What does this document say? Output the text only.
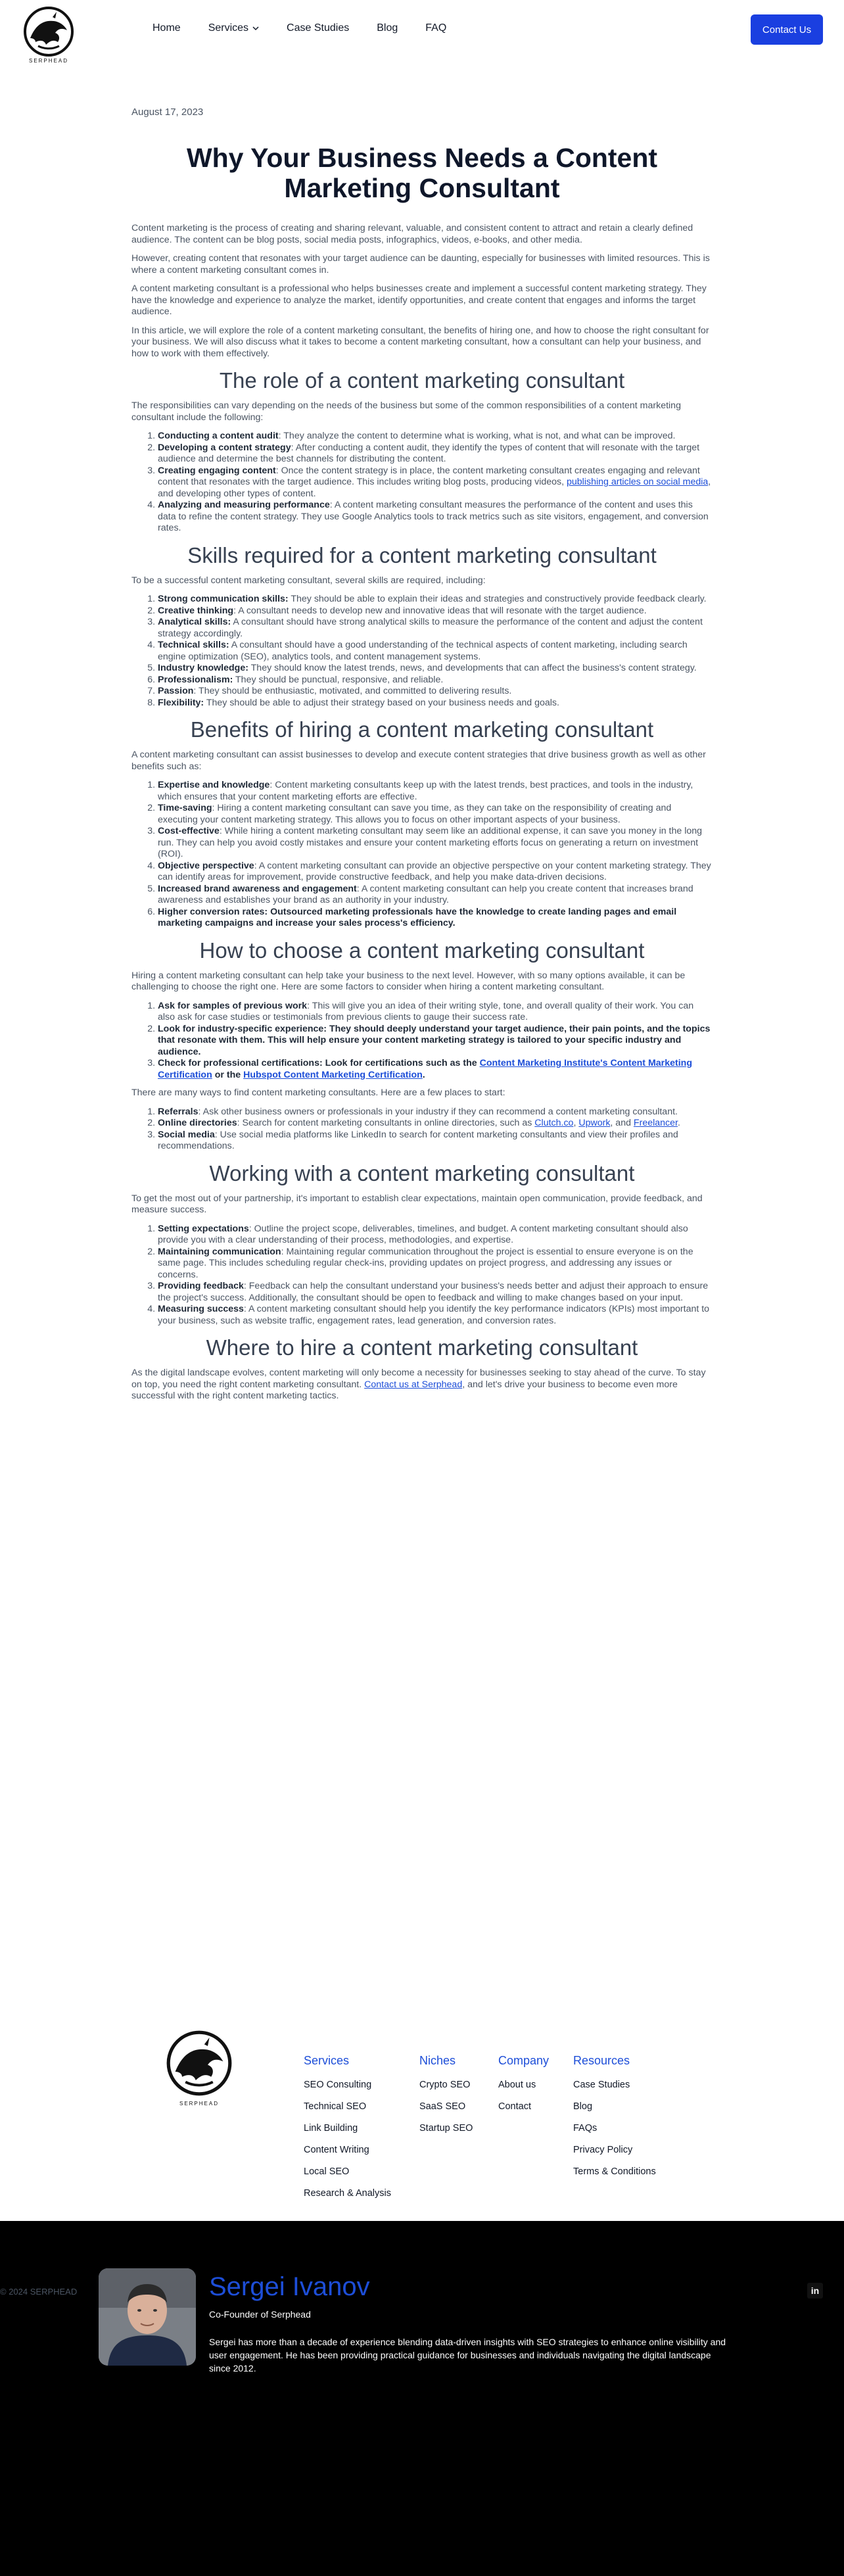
SERPHEAD
Home	Services	Case Studies	Blog	FAQ	Contact Us
August 17, 2023
Why Your Business Needs a Content Marketing Consultant

Content marketing is the process of creating and sharing relevant, valuable, and consistent content to attract and retain a clearly defined audience. The content can be blog posts, social media posts, infographics, videos, e-books, and other media.

However, creating content that resonates with your target audience can be daunting, especially for businesses with limited resources. This is where a content marketing consultant comes in.

A content marketing consultant is a professional who helps businesses create and implement a successful content marketing strategy. They have the knowledge and experience to analyze the market, identify opportunities, and create content that engages and informs the target audience.

In this article, we will explore the role of a content marketing consultant, the benefits of hiring one, and how to choose the right consultant for your business. We will also discuss what it takes to become a content marketing consultant, how a consultant can help your business, and how to work with them effectively.

The role of a content marketing consultant

The responsibilities can vary depending on the needs of the business but some of the common responsibilities of a content marketing consultant include the following:

1. Conducting a content audit: They analyze the content to determine what is working, what is not, and what can be improved.
2. Developing a content strategy: After conducting a content audit, they identify the types of content that will resonate with the target audience and determine the best channels for distributing the content.
3. Creating engaging content: Once the content strategy is in place, the content marketing consultant creates engaging and relevant content that resonates with the target audience. This includes writing blog posts, producing videos, publishing articles on social media, and developing other types of content.
4. Analyzing and measuring performance: A content marketing consultant measures the performance of the content and uses this data to refine the content strategy. They use Google Analytics tools to track metrics such as site visitors, engagement, and conversion rates.
Skills required for a content marketing consultant

To be a successful content marketing consultant, several skills are required, including:

1. Strong communication skills: They should be able to explain their ideas and strategies and constructively provide feedback clearly.
2. Creative thinking: A consultant needs to develop new and innovative ideas that will resonate with the target audience.
3. Analytical skills: A consultant should have strong analytical skills to measure the performance of the content and adjust the content strategy accordingly.
4. Technical skills: A consultant should have a good understanding of the technical aspects of content marketing, including search engine optimization (SEO), analytics tools, and content management systems.
5. Industry knowledge: They should know the latest trends, news, and developments that can affect the business's content strategy.
6. Professionalism: They should be punctual, responsive, and reliable.
7. Passion: They should be enthusiastic, motivated, and committed to delivering results.
8. Flexibility: They should be able to adjust their strategy based on your business needs and goals.
Benefits of hiring a content marketing consultant

A content marketing consultant can assist businesses to develop and execute content strategies that drive business growth as well as other benefits such as:

1. Expertise and knowledge: Content marketing consultants keep up with the latest trends, best practices, and tools in the industry, which ensures that your content marketing efforts are effective.
2. Time-saving: Hiring a content marketing consultant can save you time, as they can take on the responsibility of creating and executing your content marketing strategy. This allows you to focus on other important aspects of your business.
3. Cost-effective: While hiring a content marketing consultant may seem like an additional expense, it can save you money in the long run. They can help you avoid costly mistakes and ensure your content marketing efforts focus on generating a return on investment (ROI).
4. Objective perspective: A content marketing consultant can provide an objective perspective on your content marketing strategy. They can identify areas for improvement, provide constructive feedback, and help you make data-driven decisions.
5. Increased brand awareness and engagement: A content marketing consultant can help you create content that increases brand awareness and establishes your brand as an authority in your industry.
6. Higher conversion rates: Outsourced marketing professionals have the knowledge to create landing pages and email marketing campaigns and increase your sales process's efficiency.
How to choose a content marketing consultant

Hiring a content marketing consultant can help take your business to the next level. However, with so many options available, it can be challenging to choose the right one. Here are some factors to consider when hiring a content marketing consultant.

1. Ask for samples of previous work: This will give you an idea of their writing style, tone, and overall quality of their work. You can also ask for case studies or testimonials from previous clients to gauge their success rate.
2. Look for industry-specific experience: They should deeply understand your target audience, their pain points, and the topics that resonate with them. This will help ensure your content marketing strategy is tailored to your specific industry and audience.
3. Check for professional certifications: Look for certifications such as the Content Marketing Institute's Content Marketing Certification or the Hubspot Content Marketing Certification.

There are many ways to find content marketing consultants. Here are a few places to start:

1. Referrals: Ask other business owners or professionals in your industry if they can recommend a content marketing consultant.
2. Online directories: Search for content marketing consultants in online directories, such as Clutch.co, Upwork, and Freelancer.
3. Social media: Use social media platforms like LinkedIn to search for content marketing consultants and view their profiles and recommendations.
Working with a content marketing consultant

To get the most out of your partnership, it's important to establish clear expectations, maintain open communication, provide feedback, and measure success.

1. Setting expectations: Outline the project scope, deliverables, timelines, and budget. A content marketing consultant should also provide you with a clear understanding of their process, methodologies, and expertise.
2. Maintaining communication: Maintaining regular communication throughout the project is essential to ensure everyone is on the same page. This includes scheduling regular check-ins, providing updates on project progress, and addressing any issues or concerns.
3. Providing feedback: Feedback can help the consultant understand your business's needs better and adjust their approach to ensure the project's success. Additionally, the consultant should be open to feedback and willing to make changes based on your input.
4. Measuring success: A content marketing consultant should help you identify the key performance indicators (KPIs) most important to your business, such as website traffic, engagement rates, lead generation, and conversion rates.
Where to hire a content marketing consultant

As the digital landscape evolves, content marketing will only become a necessity for businesses seeking to stay ahead of the curve. To stay on top, you need the right content marketing consultant. Contact us at Serphead, and let's drive your business to become even more successful with the right content marketing tactics.

Sergei Ivanov
Co-Founder of Serphead

Sergei has more than a decade of experience blending data-driven insights with SEO strategies to enhance online visibility and user engagement. He has been providing practical guidance for businesses and individuals navigating the digital landscape since 2012.

SERPHEAD
Services
SEO Consulting
Technical SEO
Link Building
Content Writing
Local SEO
Research & Analysis
Niches
Crypto SEO
SaaS SEO
Startup SEO
Company
About us
Contact
Resources
Case Studies
Blog
FAQs
Privacy Policy
Terms & Conditions
© 2024 SERPHEAD	in
